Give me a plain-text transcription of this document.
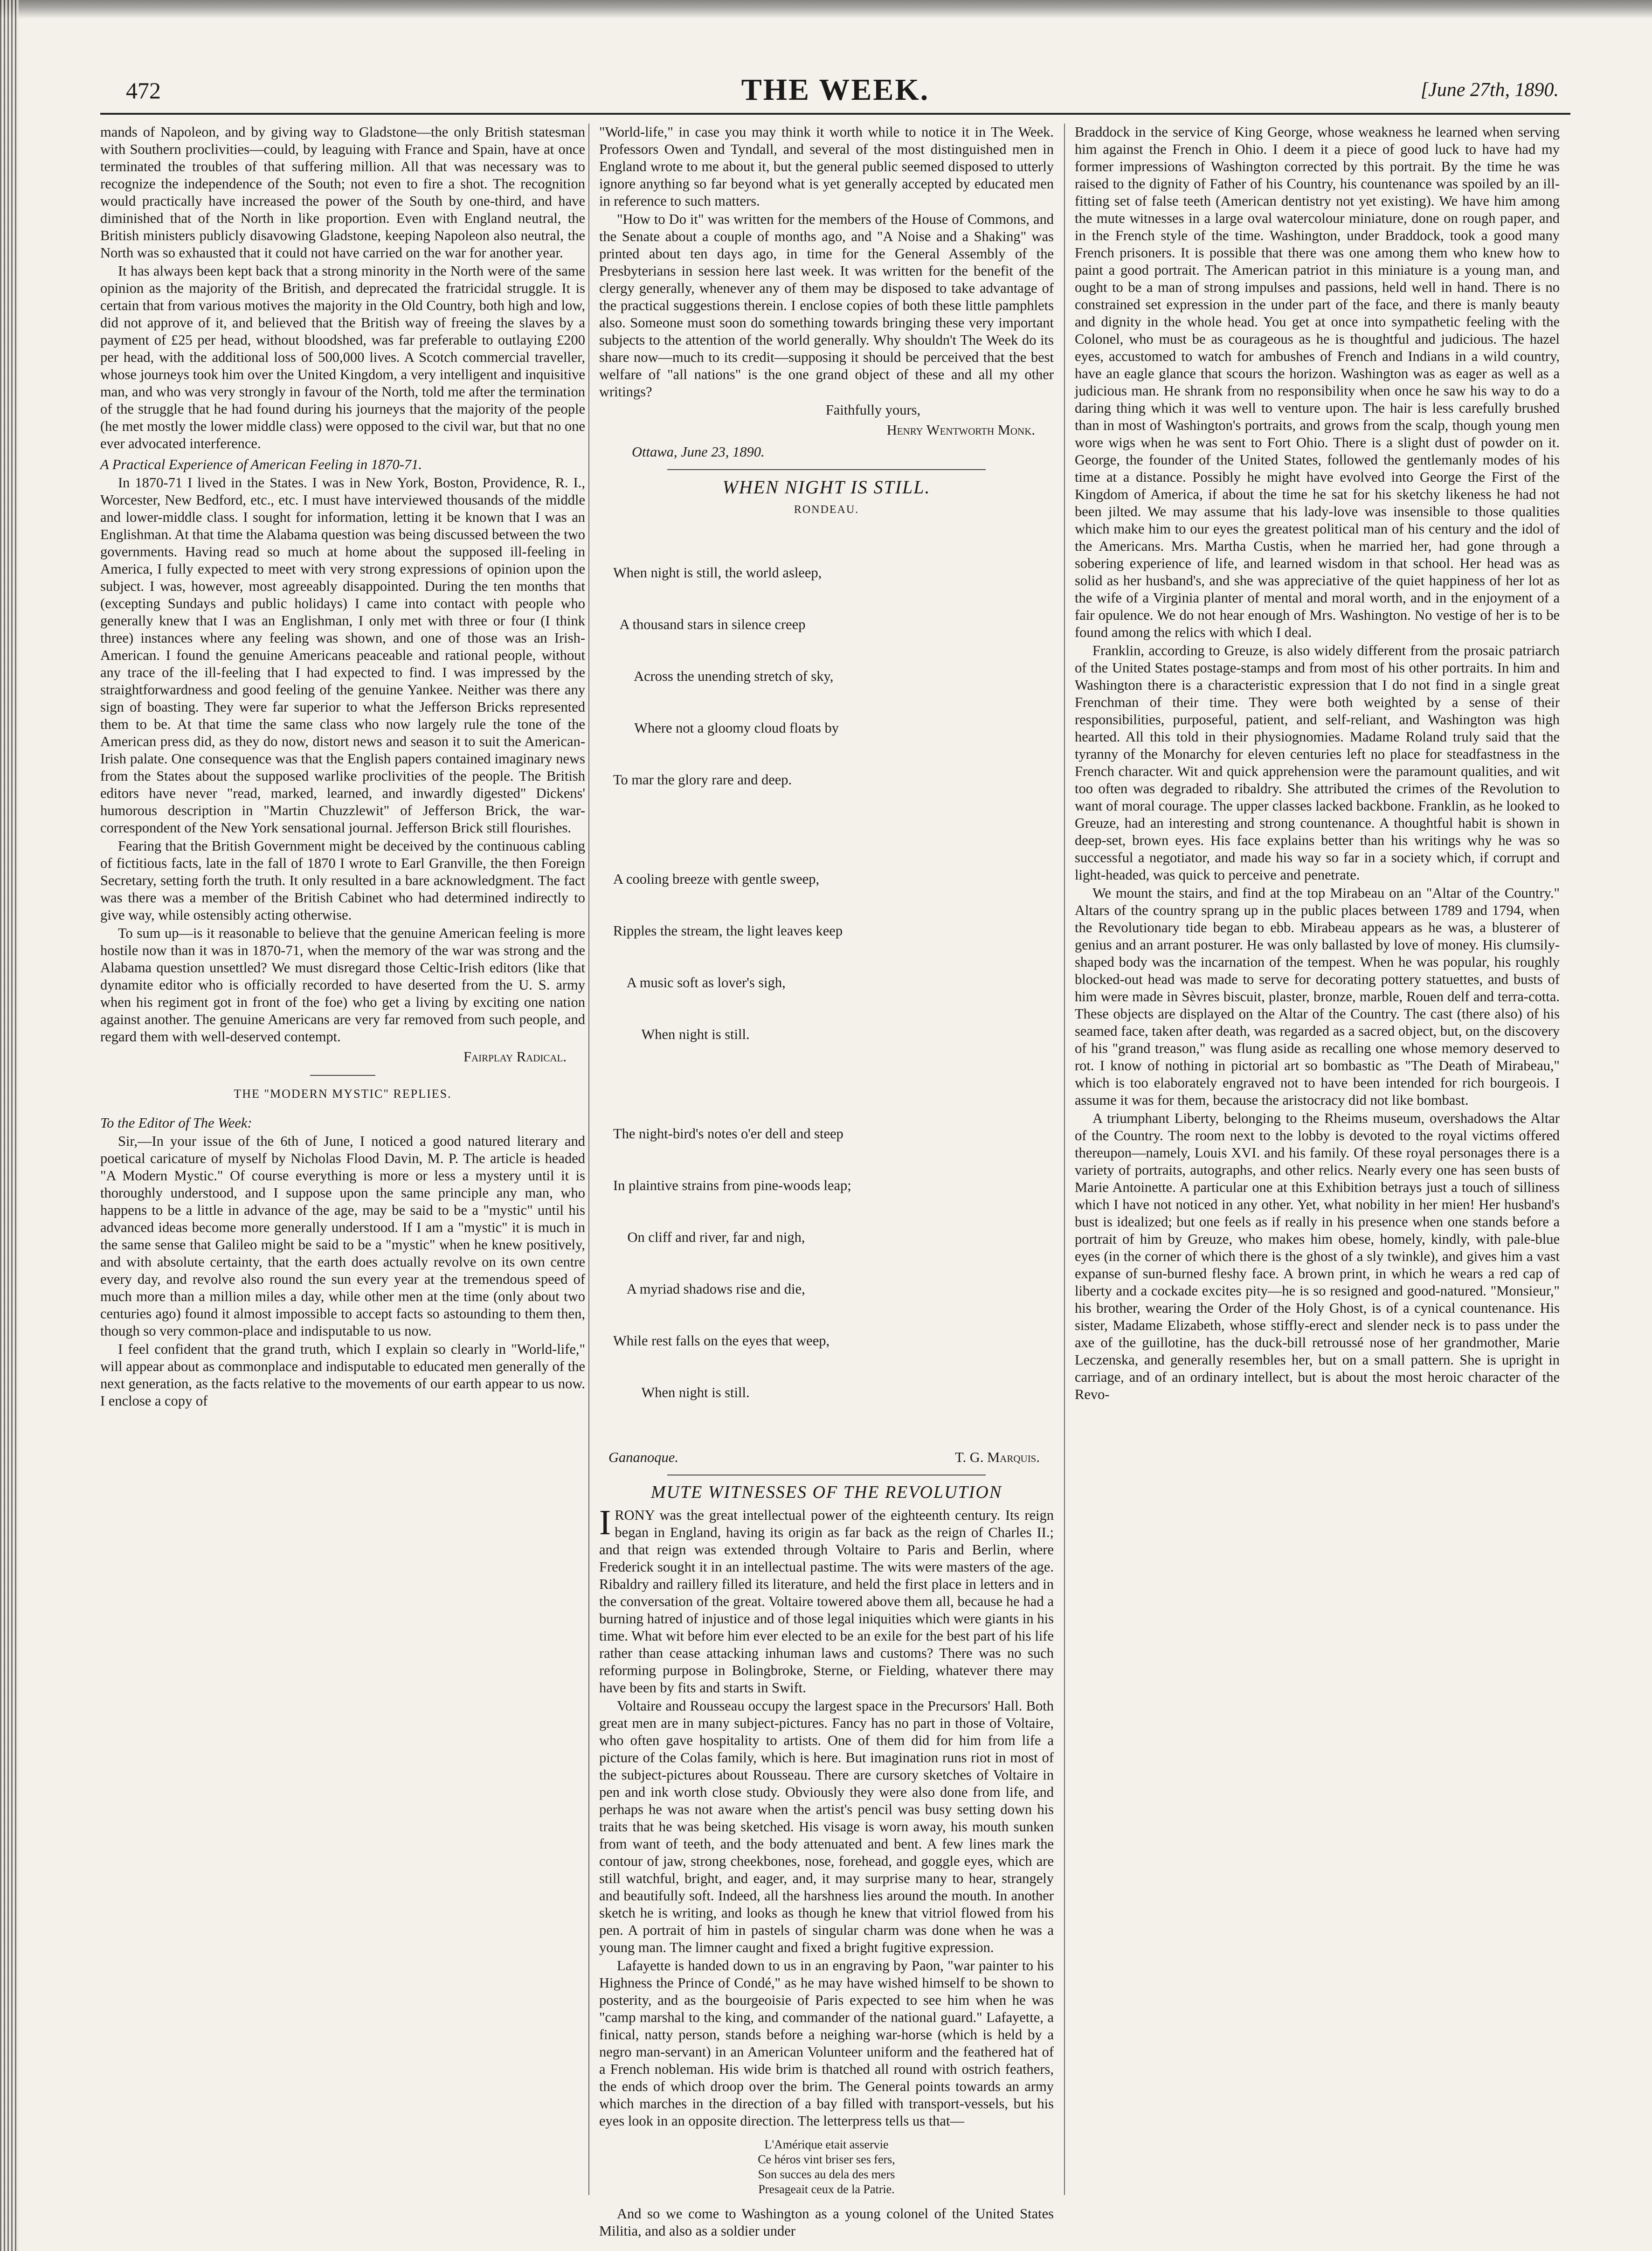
472	THE WEEK.	[June 27th, 1890.

mands of Napoleon, and by giving way to Gladstone—the only British statesman with Southern proclivities—could, by leaguing with France and Spain, have at once terminated the troubles of that suffering million. All that was necessary was to recognize the independence of the South; not even to fire a shot. The recognition would practically have increased the power of the South by one-third, and have diminished that of the North in like proportion. Even with England neutral, the British ministers publicly disavowing Gladstone, keeping Napoleon also neutral, the North was so exhausted that it could not have carried on the war for another year.

It has always been kept back that a strong minority in the North were of the same opinion as the majority of the British, and deprecated the fratricidal struggle. It is certain that from various motives the majority in the Old Country, both high and low, did not approve of it, and believed that the British way of freeing the slaves by a payment of £25 per head, without bloodshed, was far preferable to outlaying £200 per head, with the additional loss of 500,000 lives. A Scotch commercial traveller, whose journeys took him over the United Kingdom, a very intelligent and inquisitive man, and who was very strongly in favour of the North, told me after the termination of the struggle that he had found during his journeys that the majority of the people (he met mostly the lower middle class) were opposed to the civil war, but that no one ever advocated interference.

A Practical Experience of American Feeling in 1870-71.

In 1870-71 I lived in the States. I was in New York, Boston, Providence, R. I., Worcester, New Bedford, etc., etc. I must have interviewed thousands of the middle and lower-middle class. I sought for information, letting it be known that I was an Englishman. At that time the Alabama question was being discussed between the two governments. Having read so much at home about the supposed ill-feeling in America, I fully expected to meet with very strong expressions of opinion upon the subject. I was, however, most agreeably disappointed. During the ten months that (excepting Sundays and public holidays) I came into contact with people who generally knew that I was an Englishman, I only met with three or four (I think three) instances where any feeling was shown, and one of those was an Irish-American. I found the genuine Americans peaceable and rational people, without any trace of the ill-feeling that I had expected to find. I was impressed by the straightforwardness and good feeling of the genuine Yankee. Neither was there any sign of boasting. They were far superior to what the Jefferson Bricks represented them to be. At that time the same class who now largely rule the tone of the American press did, as they do now, distort news and season it to suit the American-Irish palate. One consequence was that the English papers contained imaginary news from the States about the supposed warlike proclivities of the people. The British editors have never "read, marked, learned, and inwardly digested" Dickens' humorous description in "Martin Chuzzlewit" of Jefferson Brick, the war-correspondent of the New York sensational journal. Jefferson Brick still flourishes.

Fearing that the British Government might be deceived by the continuous cabling of fictitious facts, late in the fall of 1870 I wrote to Earl Granville, the then Foreign Secretary, setting forth the truth. It only resulted in a bare acknowledgment. The fact was there was a member of the British Cabinet who had determined indirectly to give way, while ostensibly acting otherwise.

To sum up—is it reasonable to believe that the genuine American feeling is more hostile now than it was in 1870-71, when the memory of the war was strong and the Alabama question unsettled? We must disregard those Celtic-Irish editors (like that dynamite editor who is officially recorded to have deserted from the U. S. army when his regiment got in front of the foe) who get a living by exciting one nation against another. The genuine Americans are very far removed from such people, and regard them with well-deserved contempt.

Fairplay Radical.

THE "MODERN MYSTIC" REPLIES.

To the Editor of The Week:

Sir,—In your issue of the 6th of June, I noticed a good natured literary and poetical caricature of myself by Nicholas Flood Davin, M. P. The article is headed "A Modern Mystic." Of course everything is more or less a mystery until it is thoroughly understood, and I suppose upon the same principle any man, who happens to be a little in advance of the age, may be said to be a "mystic" until his advanced ideas become more generally understood. If I am a "mystic" it is much in the same sense that Galileo might be said to be a "mystic" when he knew positively, and with absolute certainty, that the earth does actually revolve on its own centre every day, and revolve also round the sun every year at the tremendous speed of much more than a million miles a day, while other men at the time (only about two centuries ago) found it almost impossible to accept facts so astounding to them then, though so very common-place and indisputable to us now.

I feel confident that the grand truth, which I explain so clearly in "World-life," will appear about as commonplace and indisputable to educated men generally of the next generation, as the facts relative to the movements of our earth appear to us now. I enclose a copy of

"World-life," in case you may think it worth while to notice it in The Week. Professors Owen and Tyndall, and several of the most distinguished men in England wrote to me about it, but the general public seemed disposed to utterly ignore anything so far beyond what is yet generally accepted by educated men in reference to such matters.

"How to Do it" was written for the members of the House of Commons, and the Senate about a couple of months ago, and "A Noise and a Shaking" was printed about ten days ago, in time for the General Assembly of the Presbyterians in session here last week. It was written for the benefit of the clergy generally, whenever any of them may be disposed to take advantage of the practical suggestions therein. I enclose copies of both these little pamphlets also. Someone must soon do something towards bringing these very important subjects to the attention of the world generally. Why shouldn't The Week do its share now—much to its credit—supposing it should be perceived that the best welfare of "all nations" is the one grand object of these and all my other writings?

Faithfully yours,

Henry Wentworth Monk.

Ottawa, June 23, 1890.

WHEN NIGHT IS STILL.

RONDEAU.

When night is still, the world asleep,

A thousand stars in silence creep

Across the unending stretch of sky,

Where not a gloomy cloud floats by

To mar the glory rare and deep.

A cooling breeze with gentle sweep,

Ripples the stream, the light leaves keep

A music soft as lover's sigh,

When night is still.

The night-bird's notes o'er dell and steep

In plaintive strains from pine-woods leap;

On cliff and river, far and nigh,

A myriad shadows rise and die,

While rest falls on the eyes that weep,

When night is still.

Gananoque.	T. G. Marquis.

MUTE WITNESSES OF THE REVOLUTION

IRONY was the great intellectual power of the eighteenth century. Its reign began in England, having its origin as far back as the reign of Charles II.; and that reign was extended through Voltaire to Paris and Berlin, where Frederick sought it in an intellectual pastime. The wits were masters of the age. Ribaldry and raillery filled its literature, and held the first place in letters and in the conversation of the great. Voltaire towered above them all, because he had a burning hatred of injustice and of those legal iniquities which were giants in his time. What wit before him ever elected to be an exile for the best part of his life rather than cease attacking inhuman laws and customs? There was no such reforming purpose in Bolingbroke, Sterne, or Fielding, whatever there may have been by fits and starts in Swift.

Voltaire and Rousseau occupy the largest space in the Precursors' Hall. Both great men are in many subject-pictures. Fancy has no part in those of Voltaire, who often gave hospitality to artists. One of them did for him from life a picture of the Colas family, which is here. But imagination runs riot in most of the subject-pictures about Rousseau. There are cursory sketches of Voltaire in pen and ink worth close study. Obviously they were also done from life, and perhaps he was not aware when the artist's pencil was busy setting down his traits that he was being sketched. His visage is worn away, his mouth sunken from want of teeth, and the body attenuated and bent. A few lines mark the contour of jaw, strong cheekbones, nose, forehead, and goggle eyes, which are still watchful, bright, and eager, and, it may surprise many to hear, strangely and beautifully soft. Indeed, all the harshness lies around the mouth. In another sketch he is writing, and looks as though he knew that vitriol flowed from his pen. A portrait of him in pastels of singular charm was done when he was a young man. The limner caught and fixed a bright fugitive expression.

Lafayette is handed down to us in an engraving by Paon, "war painter to his Highness the Prince of Condé," as he may have wished himself to be shown to posterity, and as the bourgeoisie of Paris expected to see him when he was "camp marshal to the king, and commander of the national guard." Lafayette, a finical, natty person, stands before a neighing war-horse (which is held by a negro man-servant) in an American Volunteer uniform and the feathered hat of a French nobleman. His wide brim is thatched all round with ostrich feathers, the ends of which droop over the brim. The General points towards an army which marches in the direction of a bay filled with transport-vessels, but his eyes look in an opposite direction. The letterpress tells us that—

L'Amérique etait asservie
Ce héros vint briser ses fers,
Son succes au dela des mers
Presageait ceux de la Patrie.

And so we come to Washington as a young colonel of the United States Militia, and also as a soldier under

Braddock in the service of King George, whose weakness he learned when serving him against the French in Ohio. I deem it a piece of good luck to have had my former impressions of Washington corrected by this portrait. By the time he was raised to the dignity of Father of his Country, his countenance was spoiled by an ill-fitting set of false teeth (American dentistry not yet existing). We have him among the mute witnesses in a large oval watercolour miniature, done on rough paper, and in the French style of the time. Washington, under Braddock, took a good many French prisoners. It is possible that there was one among them who knew how to paint a good portrait. The American patriot in this miniature is a young man, and ought to be a man of strong impulses and passions, held well in hand. There is no constrained set expression in the under part of the face, and there is manly beauty and dignity in the whole head. You get at once into sympathetic feeling with the Colonel, who must be as courageous as he is thoughtful and judicious. The hazel eyes, accustomed to watch for ambushes of French and Indians in a wild country, have an eagle glance that scours the horizon. Washington was as eager as well as a judicious man. He shrank from no responsibility when once he saw his way to do a daring thing which it was well to venture upon. The hair is less carefully brushed than in most of Washington's portraits, and grows from the scalp, though young men wore wigs when he was sent to Fort Ohio. There is a slight dust of powder on it. George, the founder of the United States, followed the gentlemanly modes of his time at a distance. Possibly he might have evolved into George the First of the Kingdom of America, if about the time he sat for his sketchy likeness he had not been jilted. We may assume that his lady-love was insensible to those qualities which make him to our eyes the greatest political man of his century and the idol of the Americans. Mrs. Martha Custis, when he married her, had gone through a sobering experience of life, and learned wisdom in that school. Her head was as solid as her husband's, and she was appreciative of the quiet happiness of her lot as the wife of a Virginia planter of mental and moral worth, and in the enjoyment of a fair opulence. We do not hear enough of Mrs. Washington. No vestige of her is to be found among the relics with which I deal.

Franklin, according to Greuze, is also widely different from the prosaic patriarch of the United States postage-stamps and from most of his other portraits. In him and Washington there is a characteristic expression that I do not find in a single great Frenchman of their time. They were both weighted by a sense of their responsibilities, purposeful, patient, and self-reliant, and Washington was high hearted. All this told in their physiognomies. Madame Roland truly said that the tyranny of the Monarchy for eleven centuries left no place for steadfastness in the French character. Wit and quick apprehension were the paramount qualities, and wit too often was degraded to ribaldry. She attributed the crimes of the Revolution to want of moral courage. The upper classes lacked backbone. Franklin, as he looked to Greuze, had an interesting and strong countenance. A thoughtful habit is shown in deep-set, brown eyes. His face explains better than his writings why he was so successful a negotiator, and made his way so far in a society which, if corrupt and light-headed, was quick to perceive and penetrate.

We mount the stairs, and find at the top Mirabeau on an "Altar of the Country." Altars of the country sprang up in the public places between 1789 and 1794, when the Revolutionary tide began to ebb. Mirabeau appears as he was, a blusterer of genius and an arrant posturer. He was only ballasted by love of money. His clumsily-shaped body was the incarnation of the tempest. When he was popular, his roughly blocked-out head was made to serve for decorating pottery statuettes, and busts of him were made in Sèvres biscuit, plaster, bronze, marble, Rouen delf and terra-cotta. These objects are displayed on the Altar of the Country. The cast (there also) of his seamed face, taken after death, was regarded as a sacred object, but, on the discovery of his "grand treason," was flung aside as recalling one whose memory deserved to rot. I know of nothing in pictorial art so bombastic as "The Death of Mirabeau," which is too elaborately engraved not to have been intended for rich bourgeois. I assume it was for them, because the aristocracy did not like bombast.

A triumphant Liberty, belonging to the Rheims museum, overshadows the Altar of the Country. The room next to the lobby is devoted to the royal victims offered thereupon—namely, Louis XVI. and his family. Of these royal personages there is a variety of portraits, autographs, and other relics. Nearly every one has seen busts of Marie Antoinette. A particular one at this Exhibition betrays just a touch of silliness which I have not noticed in any other. Yet, what nobility in her mien! Her husband's bust is idealized; but one feels as if really in his presence when one stands before a portrait of him by Greuze, who makes him obese, homely, kindly, with pale-blue eyes (in the corner of which there is the ghost of a sly twinkle), and gives him a vast expanse of sun-burned fleshy face. A brown print, in which he wears a red cap of liberty and a cockade excites pity—he is so resigned and good-natured. "Monsieur," his brother, wearing the Order of the Holy Ghost, is of a cynical countenance. His sister, Madame Elizabeth, whose stiffly-erect and slender neck is to pass under the axe of the guillotine, has the duck-bill retroussé nose of her grandmother, Marie Leczenska, and generally resembles her, but on a small pattern. She is upright in carriage, and of an ordinary intellect, but is about the most heroic character of the Revo-
